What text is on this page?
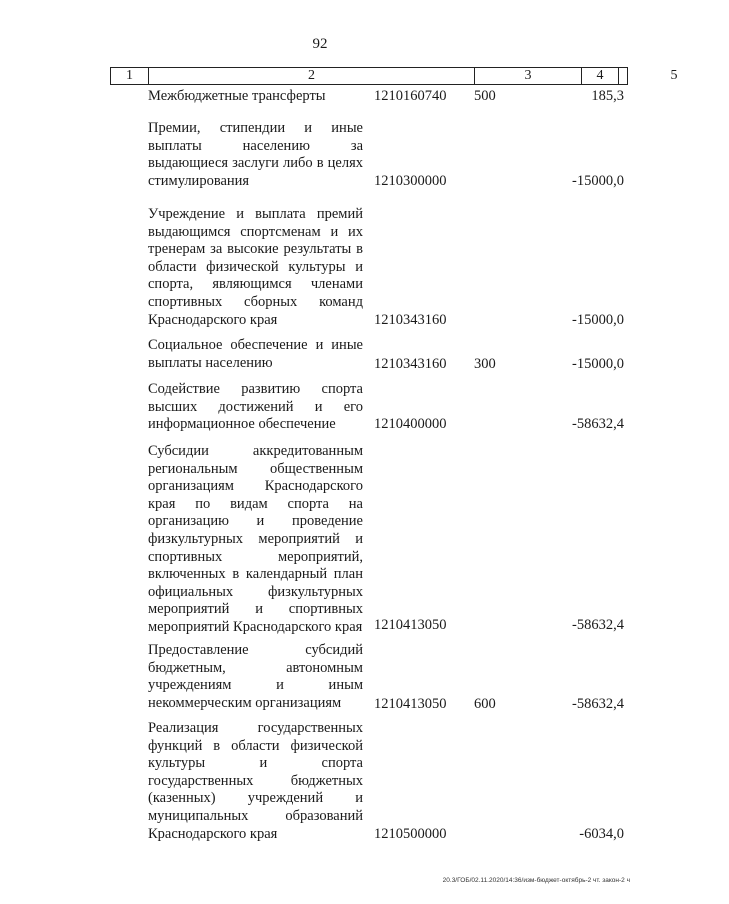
92
1	2	3	4	5
Межбюджетные трансферты	1210160740 500	185,3
Премии, стипендии и иные выплаты населению за выдающиеся заслуги либо в целях стимулирования	1210300000	-15000,0
Учреждение и выплата премий выдающимся спортсменам и их тренерам за высокие результаты в области физической культуры и спорта, являющимся членами спортивных сборных команд Краснодарского края	1210343160	-15000,0
Социальное обеспечение и иные выплаты населению	1210343160 300	-15000,0
Содействие развитию спорта высших достижений и его информационное обеспечение	1210400000	-58632,4
Субсидии аккредитованным региональным общественным организациям Краснодарского края по видам спорта на организацию и проведение физкультурных мероприятий и спортивных мероприятий, включенных в календарный план официальных физкультурных мероприятий и спортивных мероприятий Краснодарского края 1210413050	-58632,4
Предоставление субсидий бюджетным, автономным учреждениям и иным некоммерческим организациям	1210413050 600	-58632,4
Реализация государственных функций в области физической культуры и спорта государственных бюджетных (казенных) учреждений и муниципальных образований Краснодарского края	1210500000	-6034,0
20.3/ГОБ/02.11.2020/14:36/изм-бюджет-октябрь-2 чт. закон-2 ч
